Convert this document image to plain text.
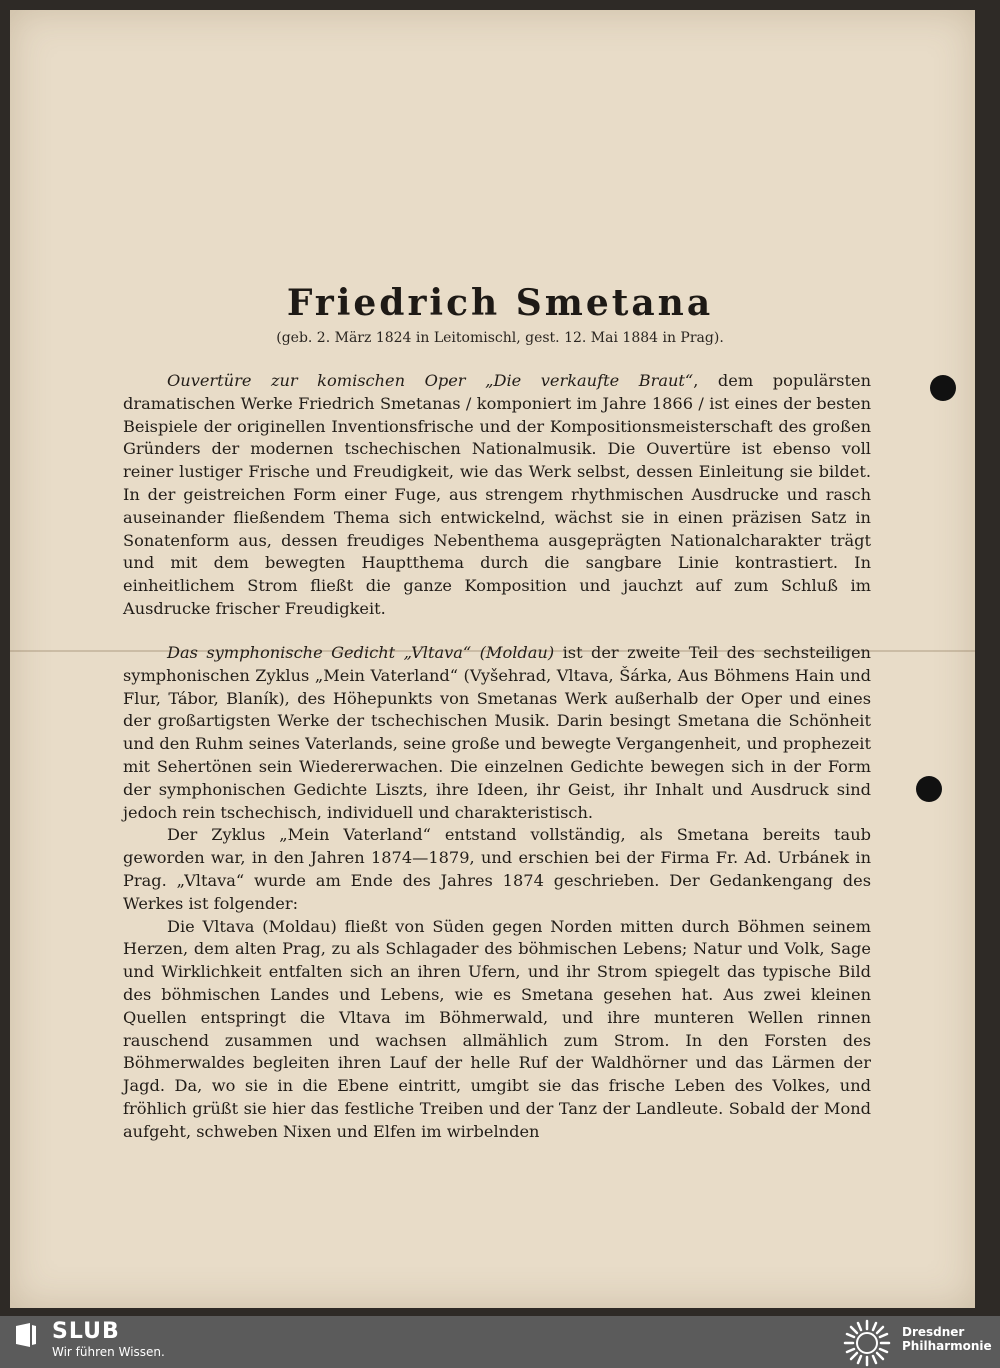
Friedrich Smetana

(geb. 2. März 1824 in Leitomischl, gest. 12. Mai 1884 in Prag).

Ouvertüre zur komischen Oper „Die verkaufte Braut“, dem populärsten dramatischen Werke Friedrich Smetanas / komponiert im Jahre 1866 / ist eines der besten Beispiele der originellen Inventionsfrische und der Kompositionsmeisterschaft des großen Gründers der modernen tschechischen Nationalmusik. Die Ouvertüre ist ebenso voll reiner lustiger Frische und Freudigkeit, wie das Werk selbst, dessen Einleitung sie bildet. In der geistreichen Form einer Fuge, aus strengem rhythmischen Ausdrucke und rasch auseinander fließendem Thema sich entwickelnd, wächst sie in einen präzisen Satz in Sonatenform aus, dessen freudiges Nebenthema ausgeprägten Nationalcharakter trägt und mit dem bewegten Hauptthema durch die sangbare Linie kontrastiert. In einheitlichem Strom fließt die ganze Komposition und jauchzt auf zum Schluß im Ausdrucke frischer Freudigkeit.

Das symphonische Gedicht „Vltava“ (Moldau) ist der zweite Teil des sechsteiligen symphonischen Zyklus „Mein Vaterland“ (Vyšehrad, Vltava, Šárka, Aus Böhmens Hain und Flur, Tábor, Blaník), des Höhepunkts von Smetanas Werk außerhalb der Oper und eines der großartigsten Werke der tschechischen Musik. Darin besingt Smetana die Schönheit und den Ruhm seines Vaterlands, seine große und bewegte Vergangenheit, und prophezeit mit Sehertönen sein Wiedererwachen. Die einzelnen Gedichte bewegen sich in der Form der symphonischen Gedichte Liszts, ihre Ideen, ihr Geist, ihr Inhalt und Ausdruck sind jedoch rein tschechisch, individuell und charakteristisch.

Der Zyklus „Mein Vaterland“ entstand vollständig, als Smetana bereits taub geworden war, in den Jahren 1874—1879, und erschien bei der Firma Fr. Ad. Urbánek in Prag. „Vltava“ wurde am Ende des Jahres 1874 geschrieben. Der Gedankengang des Werkes ist folgender:

Die Vltava (Moldau) fließt von Süden gegen Norden mitten durch Böhmen seinem Herzen, dem alten Prag, zu als Schlagader des böhmischen Lebens; Natur und Volk, Sage und Wirklichkeit entfalten sich an ihren Ufern, und ihr Strom spiegelt das typische Bild des böhmischen Landes und Lebens, wie es Smetana gesehen hat. Aus zwei kleinen Quellen entspringt die Vltava im Böhmerwald, und ihre munteren Wellen rinnen rauschend zusammen und wachsen allmählich zum Strom. In den Forsten des Böhmerwaldes begleiten ihren Lauf der helle Ruf der Waldhörner und das Lärmen der Jagd. Da, wo sie in die Ebene eintritt, umgibt sie das frische Leben des Volkes, und fröhlich grüßt sie hier das festliche Treiben und der Tanz der Landleute. Sobald der Mond aufgeht, schweben Nixen und Elfen im wirbelnden

SLUB
Wir führen Wissen.
Dresdner
Philharmonie
